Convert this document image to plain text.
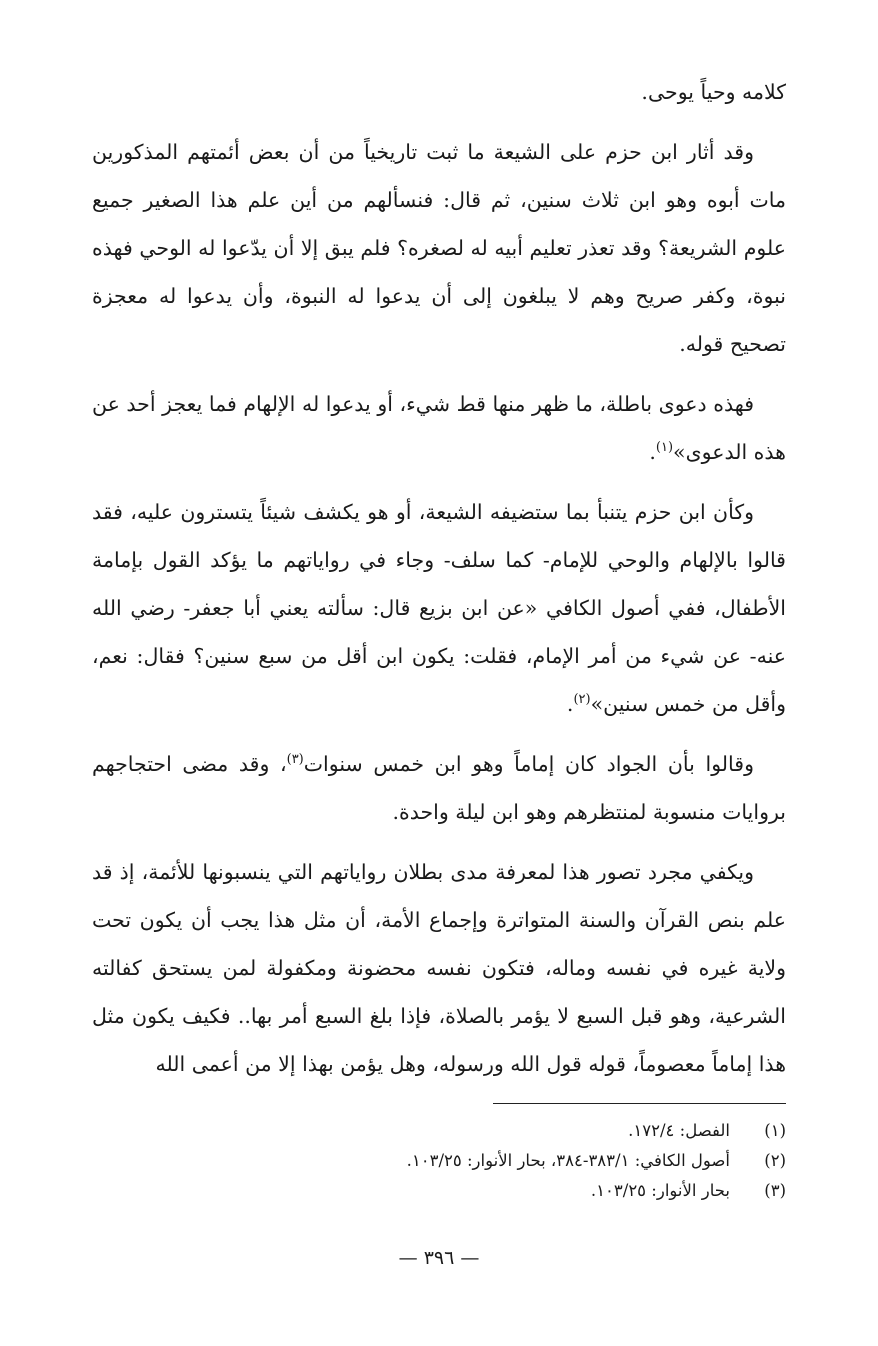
كلامه وحياً يوحى.

وقد أثار ابن حزم على الشيعة ما ثبت تاريخياً من أن بعض أئمتهم المذكورين مات أبوه وهو ابن ثلاث سنين، ثم قال: فنسألهم من أين علم هذا الصغير جميع علوم الشريعة؟ وقد تعذر تعليم أبيه له لصغره؟ فلم يبق إلا أن يدّعوا له الوحي فهذه نبوة، وكفر صريح وهم لا يبلغون إلى أن يدعوا له النبوة، وأن يدعوا له معجزة تصحيح قوله.

فهذه دعوى باطلة، ما ظهر منها قط شيء، أو يدعوا له الإلهام فما يعجز أحد عن هذه الدعوى»$^{(١)}$.

وكأن ابن حزم يتنبأ بما ستضيفه الشيعة، أو هو يكشف شيئاً يتسترون عليه، فقد قالوا بالإلهام والوحي للإمام- كما سلف- وجاء في رواياتهم ما يؤكد القول بإمامة الأطفال، ففي أصول الكافي «عن ابن بزيع قال: سألته يعني أبا جعفر- رضي الله عنه- عن شيء من أمر الإمام، فقلت: يكون ابن أقل من سبع سنين؟ فقال: نعم، وأقل من خمس سنين»$^{(٢)}$.

وقالوا بأن الجواد كان إماماً وهو ابن خمس سنوات$^{(٣)}$، وقد مضى احتجاجهم بروايات منسوبة لمنتظرهم وهو ابن ليلة واحدة.

ويكفي مجرد تصور هذا لمعرفة مدى بطلان رواياتهم التي ينسبونها للأئمة، إذ قد علم بنص القرآن والسنة المتواترة وإجماع الأمة، أن مثل هذا يجب أن يكون تحت ولاية غيره في نفسه وماله، فتكون نفسه محضونة ومكفولة لمن يستحق كفالته الشرعية، وهو قبل السبع لا يؤمر بالصلاة، فإذا بلغ السبع أمر بها.. فكيف يكون مثل هذا إماماً معصوماً، قوله قول الله ورسوله، وهل يؤمن بهذا إلا من أعمى الله

(١)
الفصل: ١٧٢/٤.
(٢)
أصول الكافي: ٣٨٣/١-٣٨٤، بحار الأنوار: ١٠٣/٢٥.
(٣)
بحار الأنوار: ١٠٣/٢٥.
— ٣٩٦ —
